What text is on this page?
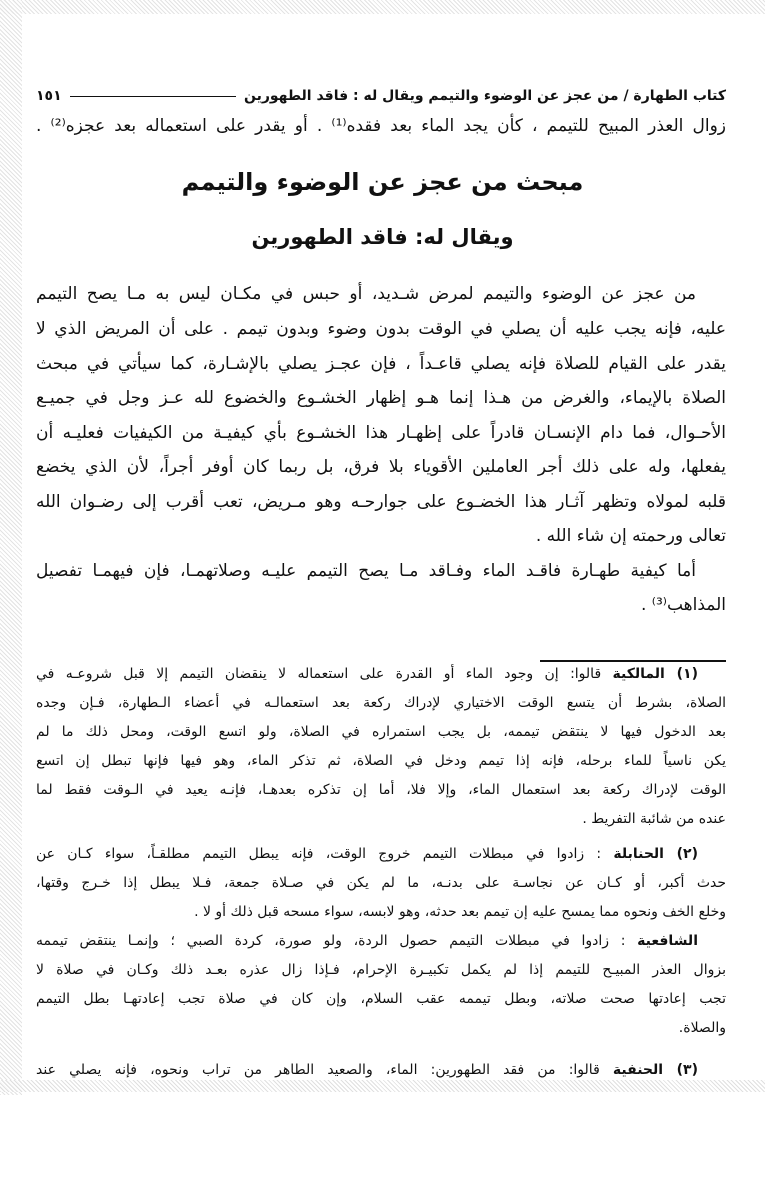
كتاب الطهارة / من عجز عن الوضوء والتيمم ويقال له : فاقد الطهورين
١٥١
زوال العذر المبيح للتيمم ، كأن يجد الماء بعد فقده⁽¹⁾ . أو يقدر على استعماله بعد عجزه⁽²⁾ .
مبحث من عجز عن الوضوء والتيمم
ويقال له: فاقد الطهورين
من عجز عن الوضوء والتيمم لمرض شـديد، أو حبس في مكـان ليس به مـا يصح التيمم
عليه، فإنه يجب عليه أن يصلي في الوقت بدون وضوء وبدون تيمم . على أن المريض الذي لا
يقدر على القيام للصلاة فإنه يصلي قاعـداً ، فإن عجـز يصلي بالإشـارة، كما سيأتي في مبحث
الصلاة بالإيماء، والغرض من هـذا إنما هـو إظهار الخشـوع والخضوع لله عـز وجل في جميـع
الأحـوال، فما دام الإنسـان قادراً على إظهـار هذا الخشـوع بأي كيفيـة من الكيفيات فعليـه أن
يفعلها، وله على ذلك أجر العاملين الأقوياء بلا فرق، بل ربما كان أوفر أجراً، لأن الذي يخضع
قلبه لمولاه وتظهر آثـار هذا الخضـوع على جوارحـه وهو مـريض، تعب أقرب إلى رضـوان الله
تعالى ورحمته إن شاء الله .
أما كيفية طهـارة فاقـد الماء وفـاقد مـا يصح التيمم عليـه وصلاتهمـا، فإن فيهمـا تفصيل
المذاهب⁽³⁾ .
(١) المالكية قالوا: إن وجود الماء أو القدرة على استعماله لا ينقضان التيمم إلا قبل شروعـه في
الصلاة، بشرط أن يتسع الوقت الاختياري لإدراك ركعة بعد استعمالـه في أعضاء الـطهارة، فـإن وجده
بعد الدخول فيها لا ينتقض تيممه، بل يجب استمراره في الصلاة، ولو اتسع الوقت، ومحل ذلك ما لم
يكن ناسياً للماء برحله، فإنه إذا تيمم ودخل في الصلاة، ثم تذكر الماء، وهو فيها فإنها تبطل إن اتسع
الوقت لإدراك ركعة بعد استعمال الماء، وإلا فلا، أما إن تذكره بعدهـا، فإنـه يعيد في الـوقت فقط لما
عنده من شائبة التفريط .
(٢) الحنابلة : زادوا في مبطلات التيمم خروج الوقت، فإنه يبطل التيمم مطلقـاً، سواء كـان عن
حدث أكبر، أو كـان عن نجاسـة على بدنـه، ما لم يكن في صـلاة جمعة، فـلا يبطل إذا خـرج وقتها،
وخلع الخف ونحوه مما يمسح عليه إن تيمم بعد حدثه، وهو لابسه، سواء مسحه قبل ذلك أو لا .
الشافعية : زادوا في مبطلات التيمم حصول الردة، ولو صورة، كردة الصبي ؛ وإنمـا ينتقض تيممه
بزوال العذر المبيـح للتيمم إذا لم يكمل تكبيـرة الإحرام، فـإذا زال عذره بعـد ذلك وكـان في صلاة لا
تجب إعادتها صحت صلاته، وبطل تيممه عقب السلام، وإن كان في صلاة تجب إعادتهـا بطل التيمم
والصلاة.
(٣) الحنفية قالوا: من فقد الطهورين: الماء، والصعيد الطاهر من تراب ونحوه، فإنه يصلي عند
